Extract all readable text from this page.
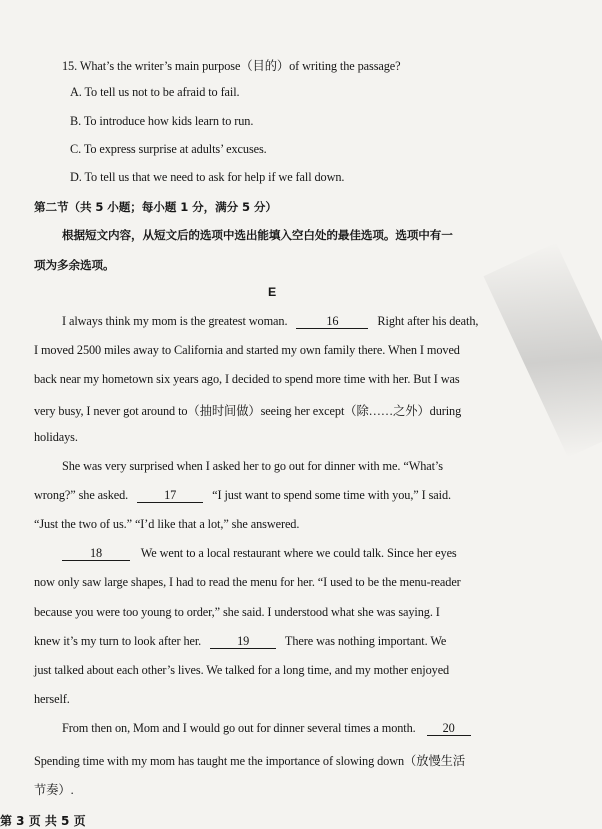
15. What’s the writer’s main purpose（目的）of writing the passage?
A. To tell us not to be afraid to fail.
B. To introduce how kids learn to run.
C. To express surprise at adults’ excuses.
D. To tell us that we need to ask for help if we fall down.
第二节（共 5 小题；每小题 1 分，满分 5 分）
根据短文内容，从短文后的选项中选出能填入空白处的最佳选项。选项中有一
项为多余选项。
E
I always think my mom is the greatest woman.	16	Right after his death,
I moved 2500 miles away to California and started my own family there. When I moved
back near my hometown six years ago, I decided to spend more time with her. But I was
very busy, I never got around to（抽时间做）seeing her except（除……之外）during
holidays.
She was very surprised when I asked her to go out for dinner with me. “What’s
wrong?” she asked.	17	“I just want to spend some time with you,” I said.
“Just the two of us.” “I’d like that a lot,” she answered.
18	We went to a local restaurant where we could talk. Since her eyes
now only saw large shapes, I had to read the menu for her. “I used to be the menu-reader
because you were too young to order,” she said. I understood what she was saying. I
knew it’s my turn to look after her.	19	There was nothing important. We
just talked about each other’s lives. We talked for a long time, and my mother enjoyed
herself.
From then on, Mom and I would go out for dinner several times a month. 20
Spending time with my mom has taught me the importance of slowing down（放慢生活
节奏）.
第 3 页 共 5 页
